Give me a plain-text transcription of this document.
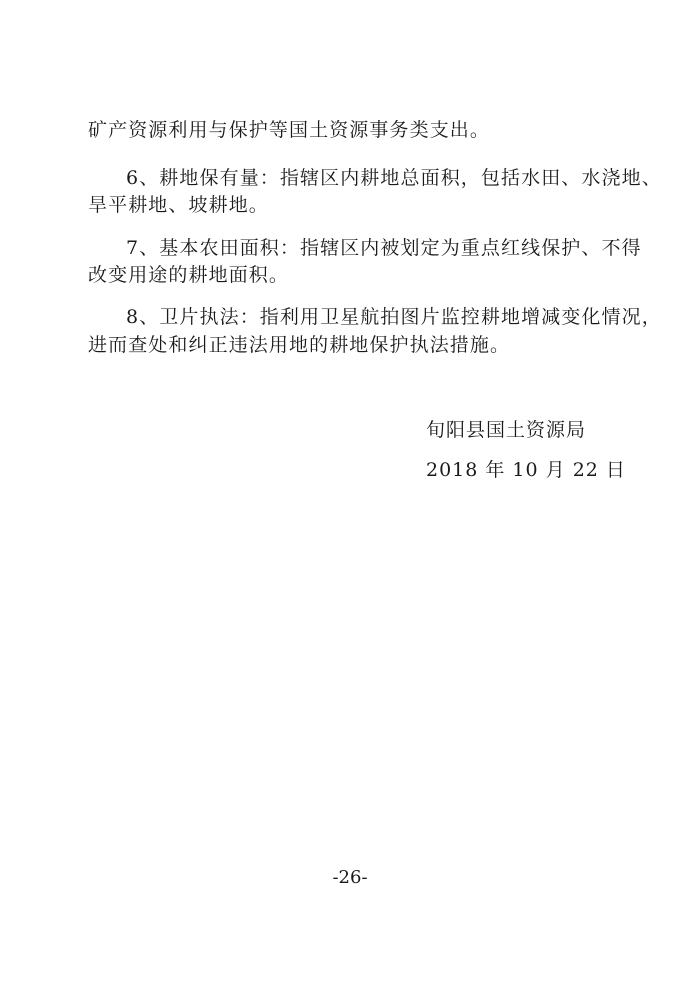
矿产资源利用与保护等国土资源事务类支出。
6、耕地保有量：指辖区内耕地总面积，包括水田、水浇地、
旱平耕地、坡耕地。
7、基本农田面积：指辖区内被划定为重点红线保护、不得
改变用途的耕地面积。
8、卫片执法：指利用卫星航拍图片监控耕地增减变化情况，
进而查处和纠正违法用地的耕地保护执法措施。
旬阳县国土资源局
2018 年 10 月 22 日
-26-
